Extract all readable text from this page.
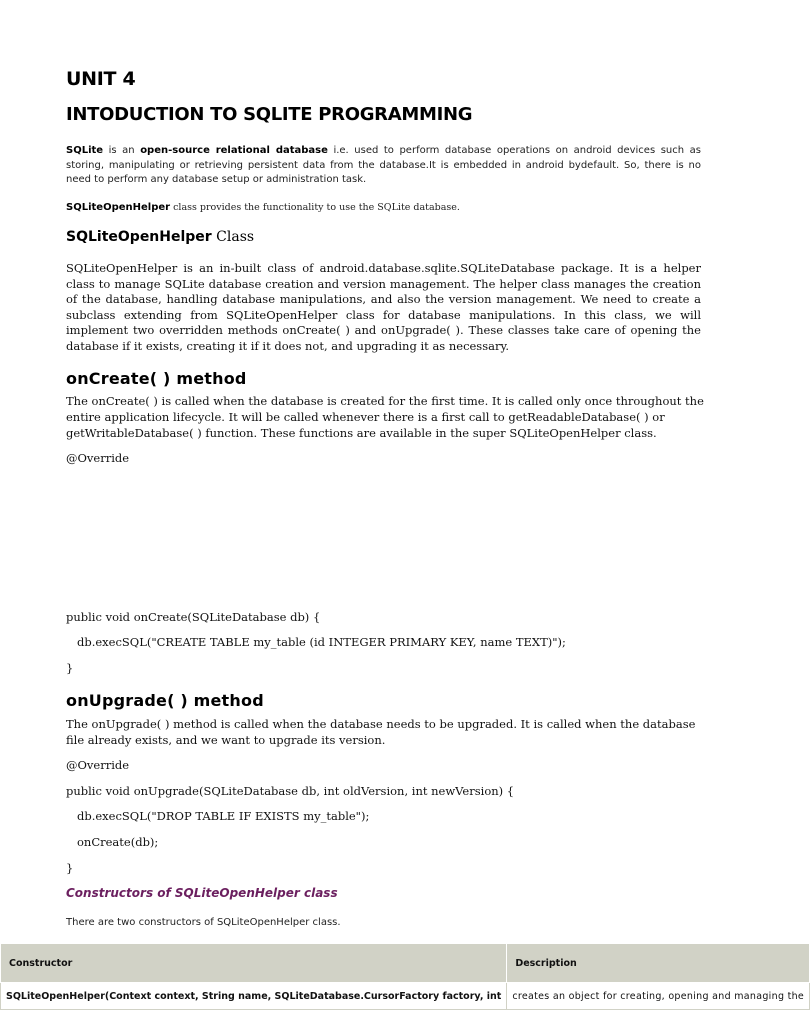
UNIT 4
INTODUCTION TO SQLITE PROGRAMMING
SQLite is an open-source relational database i.e. used to perform database operations on android devices such as storing, manipulating or retrieving persistent data from the database.It is embedded in android bydefault. So, there is no need to perform any database setup or administration task.
SQLiteOpenHelper class provides the functionality to use the SQLite database.
SQLiteOpenHelper Class
SQLiteOpenHelper is an in-built class of android.database.sqlite.SQLiteDatabase package. It is a helper class to manage SQLite database creation and version management. The helper class manages the creation of the database, handling database manipulations, and also the version management. We need to create a subclass extending from SQLiteOpenHelper class for database manipulations. In this class, we will implement two overridden methods onCreate( ) and onUpgrade( ). These classes take care of opening the database if it exists, creating it if it does not, and upgrading it as necessary.
onCreate( ) method
The onCreate( ) is called when the database is created for the first time. It is called only once throughout the entire application lifecycle. It will be called whenever there is a first call to getReadableDatabase( ) or getWritableDatabase( ) function. These functions are available in the super SQLiteOpenHelper class.
@Override
public void onCreate(SQLiteDatabase db) {
db.execSQL("CREATE TABLE my_table (id INTEGER PRIMARY KEY, name TEXT)");
}
onUpgrade( ) method
The onUpgrade( ) method is called when the database needs to be upgraded. It is called when the database file already exists, and we want to upgrade its version.
@Override
public void onUpgrade(SQLiteDatabase db, int oldVersion, int newVersion) {
db.execSQL("DROP TABLE IF EXISTS my_table");
onCreate(db);
}
Constructors of SQLiteOpenHelper class
There are two constructors of SQLiteOpenHelper class.
Constructor	Description
SQLiteOpenHelper(Context context, String name, SQLiteDatabase.CursorFactory factory, int	creates an object for creating, opening and managing the
